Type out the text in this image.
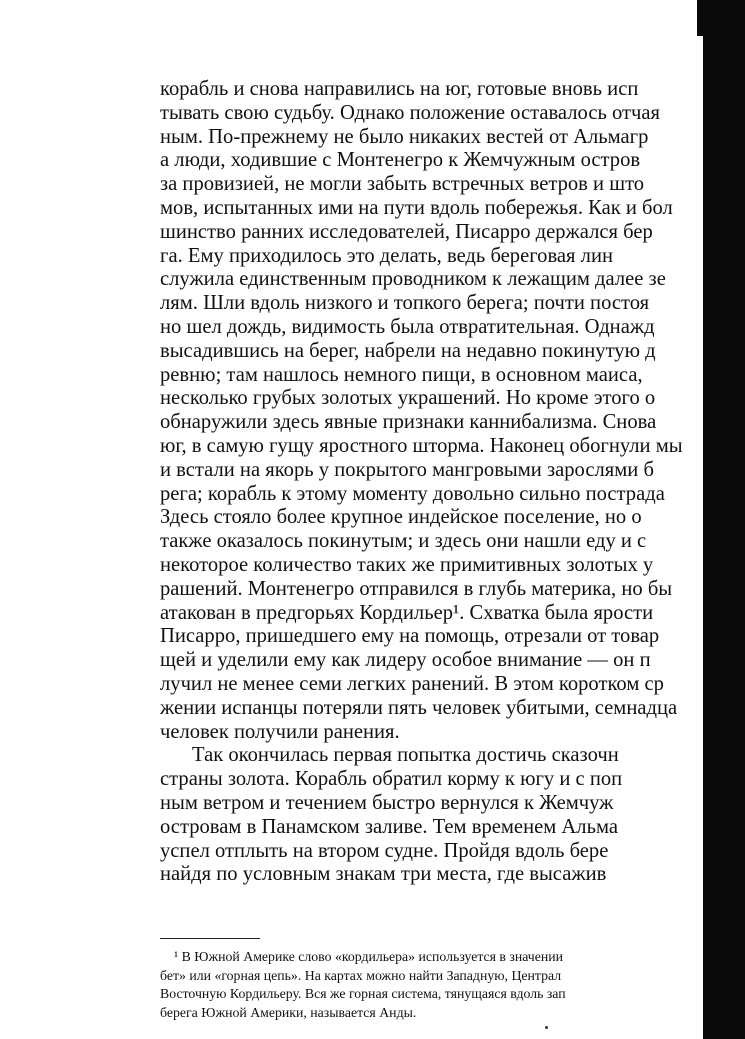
корабль и снова направились на юг, готовые вновь исп
тывать свою судьбу. Однако положение оставалось отчая
ным. По-прежнему не было никаких вестей от Альмагр
а люди, ходившие с Монтенегро к Жемчужным остров
за провизией, не могли забыть встречных ветров и што
мов, испытанных ими на пути вдоль побережья. Как и бол
шинство ранних исследователей, Писарро держался бер
га. Ему приходилось это делать, ведь береговая лин
служила единственным проводником к лежащим далее зе
лям. Шли вдоль низкого и топкого берега; почти постоя
но шел дождь, видимость была отвратительная. Однажд
высадившись на берег, набрели на недавно покинутую д
ревню; там нашлось немного пищи, в основном маиса,
несколько грубых золотых украшений. Но кроме этого о
обнаружили здесь явные признаки каннибализма. Снова
юг, в самую гущу яростного шторма. Наконец обогнули мы
и встали на якорь у покрытого мангровыми зарослями б
рега; корабль к этому моменту довольно сильно пострада
Здесь стояло более крупное индейское поселение, но о
также оказалось покинутым; и здесь они нашли еду и с
некоторое количество таких же примитивных золотых у
рашений. Монтенегро отправился в глубь материка, но бы
атакован в предгорьях Кордильер¹. Схватка была ярости
Писарро, пришедшего ему на помощь, отрезали от товар
щей и уделили ему как лидеру особое внимание — он п
лучил не менее семи легких ранений. В этом коротком ср
жении испанцы потеряли пять человек убитыми, семнадца
человек получили ранения.
Так окончилась первая попытка достичь сказочн
страны золота. Корабль обратил корму к югу и с поп
ным ветром и течением быстро вернулся к Жемчуж
островам в Панамском заливе. Тем временем Альма
успел отплыть на втором судне. Пройдя вдоль бере
найдя по условным знакам три места, где высажив
¹ В Южной Америке слово «кордильера» используется в значении
бет» или «горная цепь». На картах можно найти Западную, Централ
Восточную Кордильеру. Вся же горная система, тянущаяся вдоль зап
берега Южной Америки, называется Анды.
